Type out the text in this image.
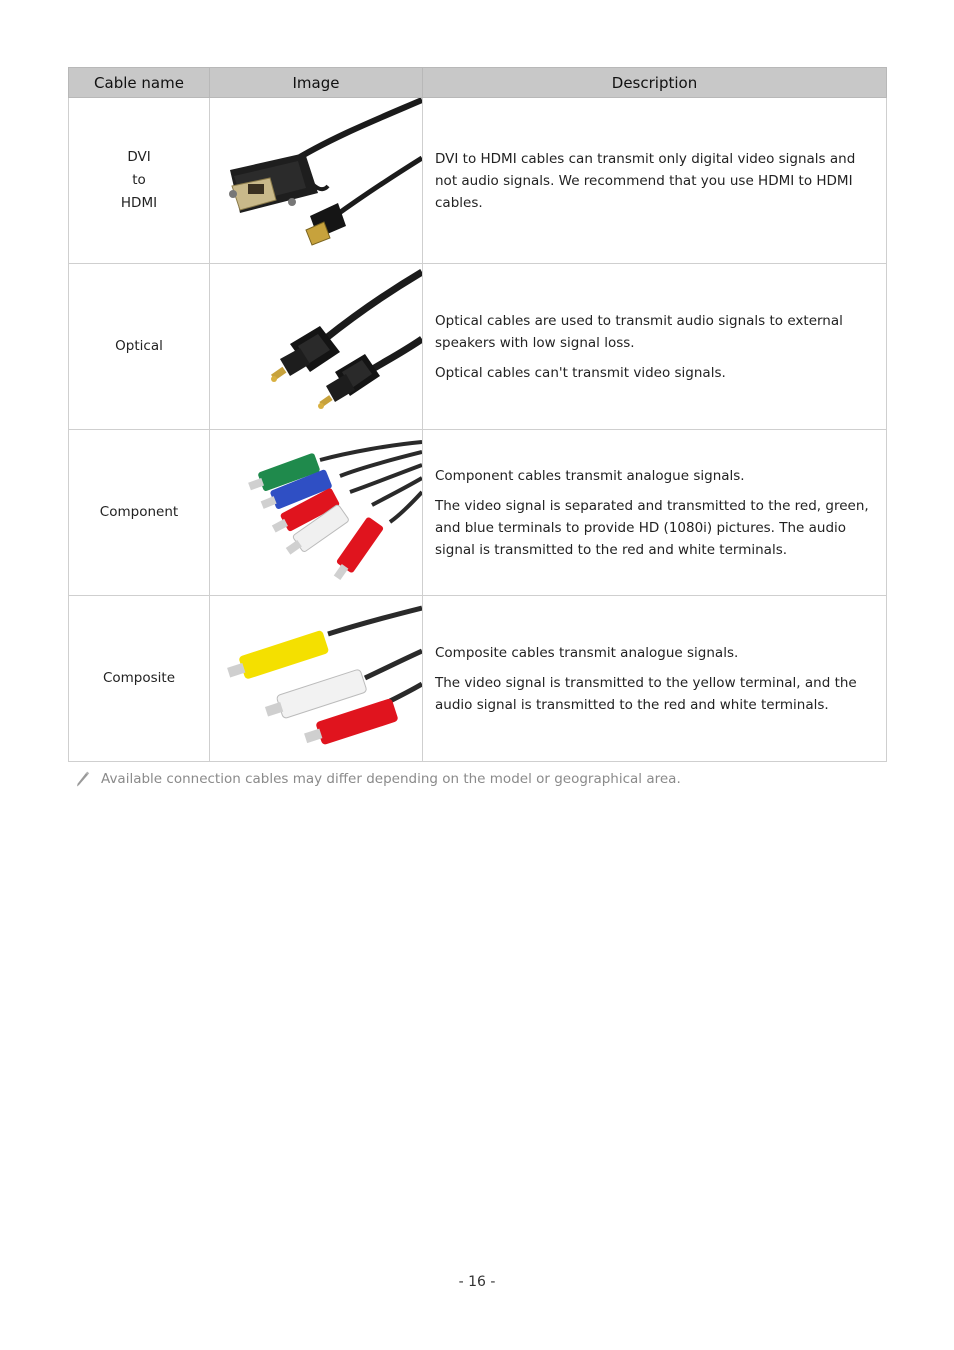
Cable name	Image	Description

DVI
to
HDMI		DVI to HDMI cables can transmit only digital video signals and not audio signals. We recommend that you use HDMI to HDMI cables.

Optical		Optical cables are used to transmit audio signals to external speakers with low signal loss.

Optical cables can't transmit video signals.

Component		Component cables transmit analogue signals.

The video signal is separated and transmitted to the red, green, and blue terminals to provide HD (1080i) pictures. The audio signal is transmitted to the red and white terminals.

Composite		Composite cables transmit analogue signals.

The video signal is transmitted to the yellow terminal, and the audio signal is transmitted to the red and white terminals.

Available connection cables may differ depending on the model or geographical area.
- 16 -
